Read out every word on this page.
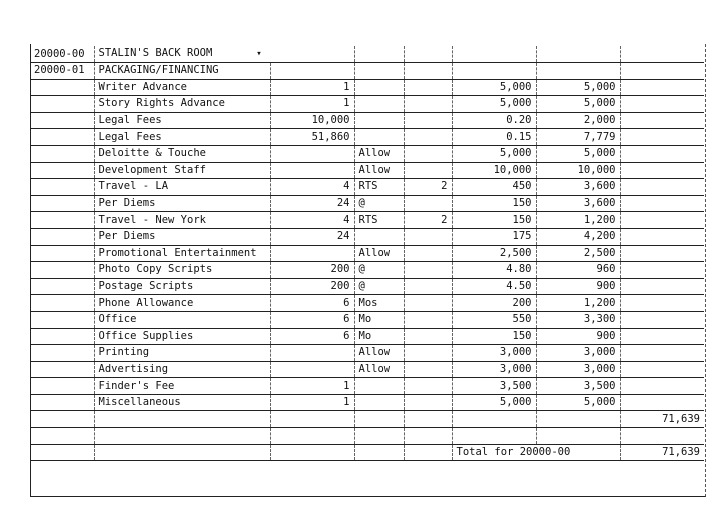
20000-00	STALIN'S BACK ROOM ▾						
20000-01	PACKAGING/FINANCING						
	Writer Advance	1			5,000	5,000	
	Story Rights Advance	1			5,000	5,000	
	Legal Fees	10,000			0.20	2,000	
	Legal Fees	51,860			0.15	7,779	
	Deloitte & Touche		Allow		5,000	5,000	
	Development Staff		Allow		10,000	10,000	
	Travel - LA	4	RTS	2	450	3,600	
	Per Diems	24	@		150	3,600	
	Travel - New York	4	RTS	2	150	1,200	
	Per Diems	24			175	4,200	
	Promotional Entertainment		Allow		2,500	2,500	
	Photo Copy Scripts	200	@		4.80	960	
	Postage Scripts	200	@		4.50	900	
	Phone Allowance	6	Mos		200	1,200	
	Office	6	Mo		550	3,300	
	Office Supplies	6	Mo		150	900	
	Printing		Allow		3,000	3,000	
	Advertising		Allow		3,000	3,000	
	Finder's Fee	1			3,500	3,500	
	Miscellaneous	1			5,000	5,000	
							71,639

					Total for 20000-00		71,639
